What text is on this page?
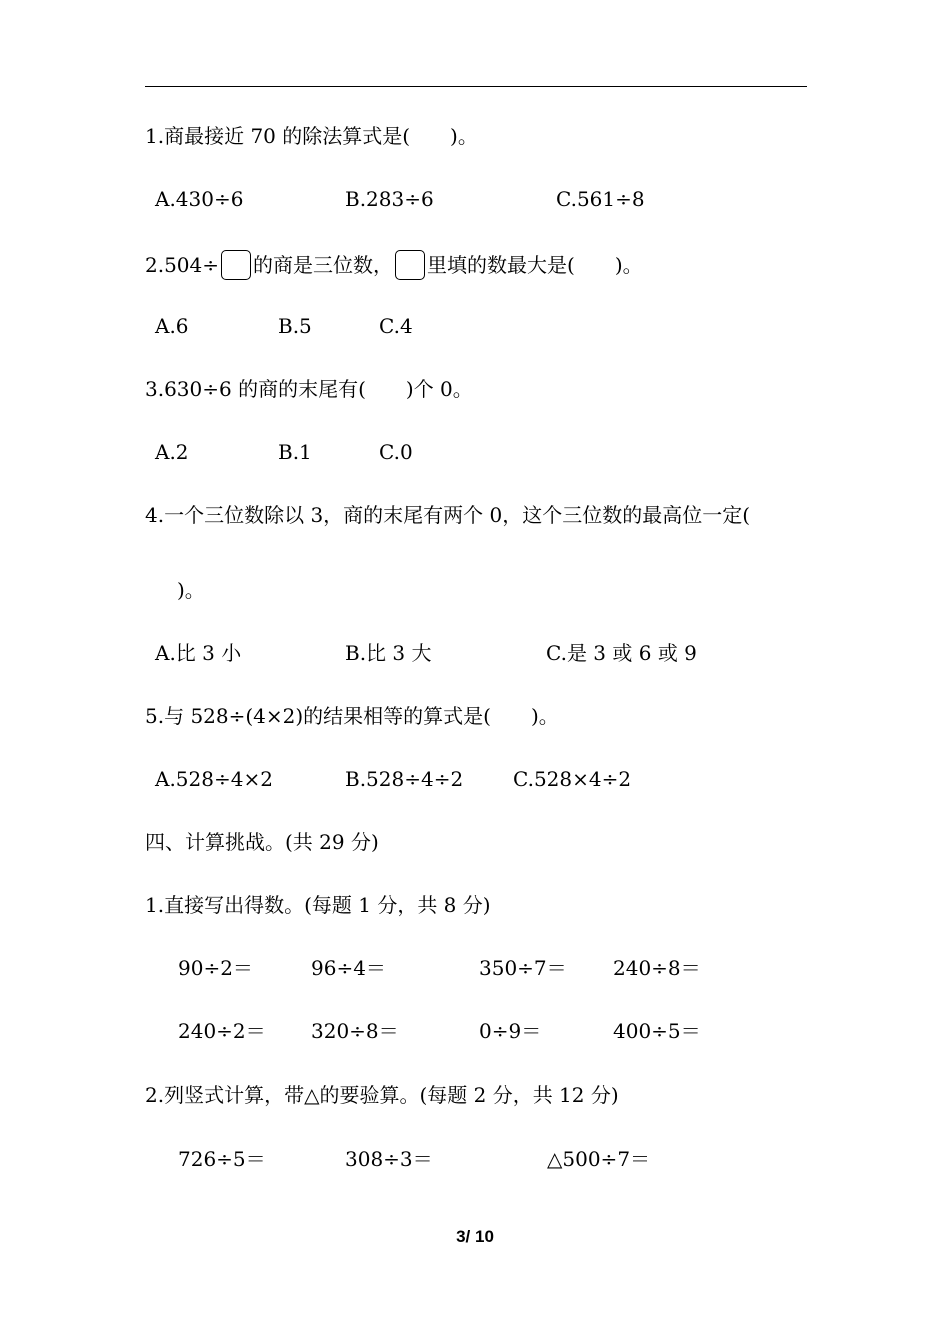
1.商最接近 70 的除法算式是(　　)。
A.430÷6	B.283÷6	C.561÷8
2.504÷ 的商是三位数， 里填的数最大是(　　)。
A.6	B.5	C.4
3.630÷6 的商的末尾有(　　)个 0。
A.2	B.1	C.0
4.一个三位数除以 3，商的末尾有两个 0，这个三位数的最高位一定(
)。
A.比 3 小	B.比 3 大	C.是 3 或 6 或 9
5.与 528÷(4×2)的结果相等的算式是(　　)。
A.528÷4×2	B.528÷4÷2 C.528×4÷2
四、计算挑战。(共 29 分)
1.直接写出得数。(每题 1 分，共 8 分)
90÷2＝	96÷4＝	350÷7＝ 240÷8＝
240÷2＝ 320÷8＝	0÷9＝	400÷5＝
2.列竖式计算，带△的要验算。(每题 2 分，共 12 分)
726÷5＝	308÷3＝	△500÷7＝
3/ 10
